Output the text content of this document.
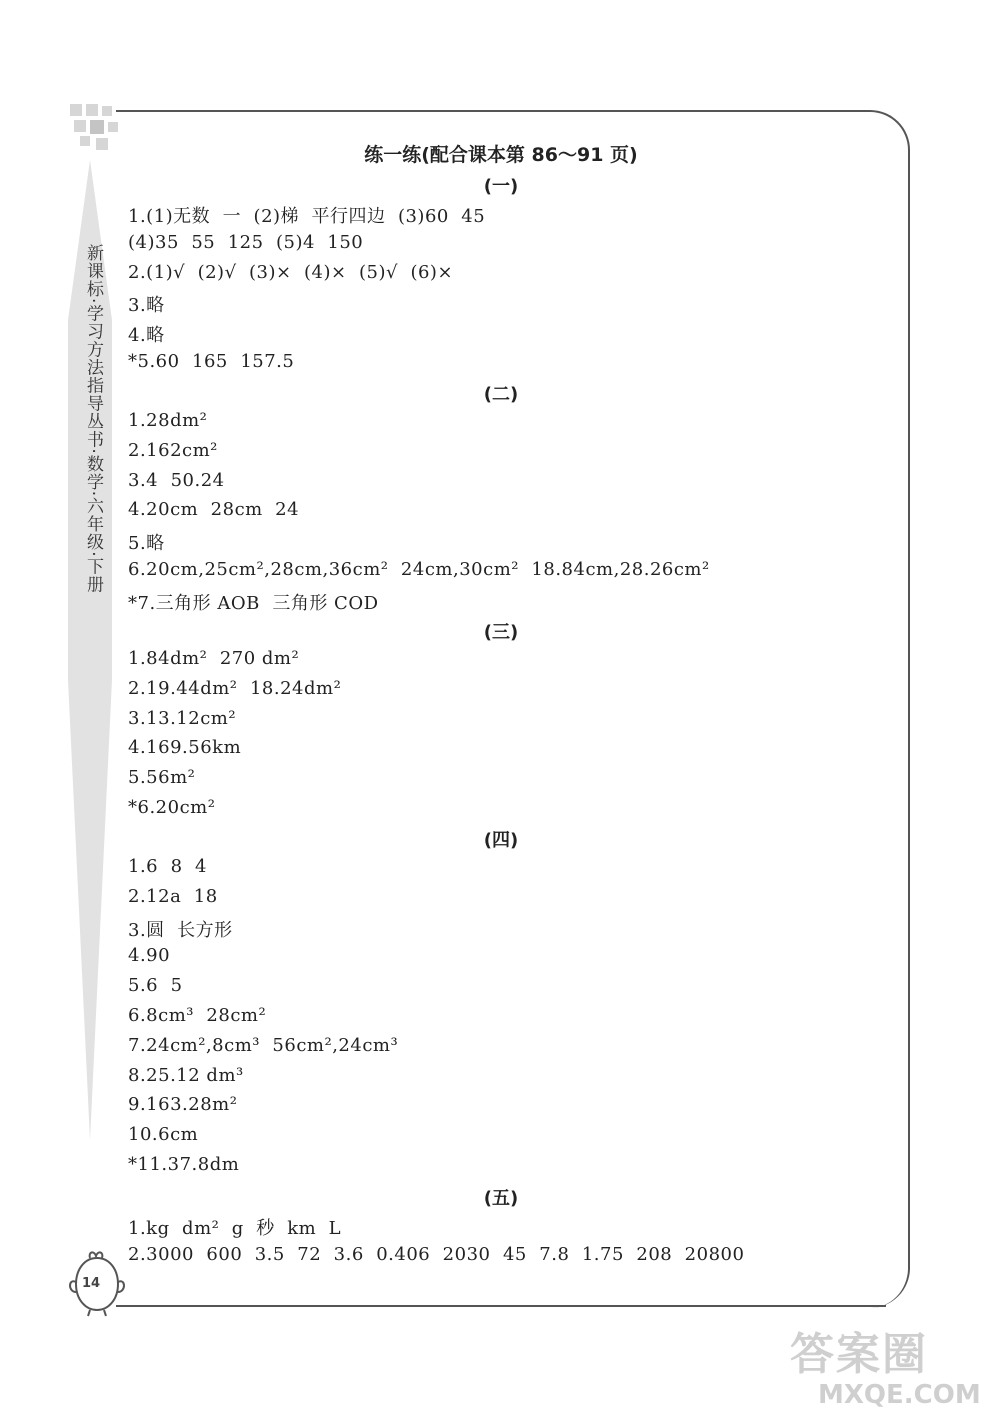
新课标·学习方法指导丛书·数学·六年级·下册
练一练(配合课本第 86～91 页)
(一)
1.(1)无数  一  (2)梯  平行四边  (3)60  45
(4)35  55  125  (5)4  150
2.(1)√  (2)√  (3)×  (4)×  (5)√  (6)×
3.略
4.略
*5.60  165  157.5
(二)
1.28dm²
2.162cm²
3.4  50.24
4.20cm  28cm  24
5.略
6.20cm,25cm²,28cm,36cm²  24cm,30cm²  18.84cm,28.26cm²
*7.三角形 AOB  三角形 COD
(三)
1.84dm²  270 dm²
2.19.44dm²  18.24dm²
3.13.12cm²
4.169.56km
5.56m²
*6.20cm²
(四)
1.6  8  4
2.12a  18
3.圆  长方形
4.90
5.6  5
6.8cm³  28cm²
7.24cm²,8cm³  56cm²,24cm³
8.25.12 dm³
9.163.28m²
10.6cm
*11.37.8dm
(五)
1.kg  dm²  g  秒  km  L
2.3000  600  3.5  72  3.6  0.406  2030  45  7.8  1.75  208  20800
14
答案圈
MXQE.COM
